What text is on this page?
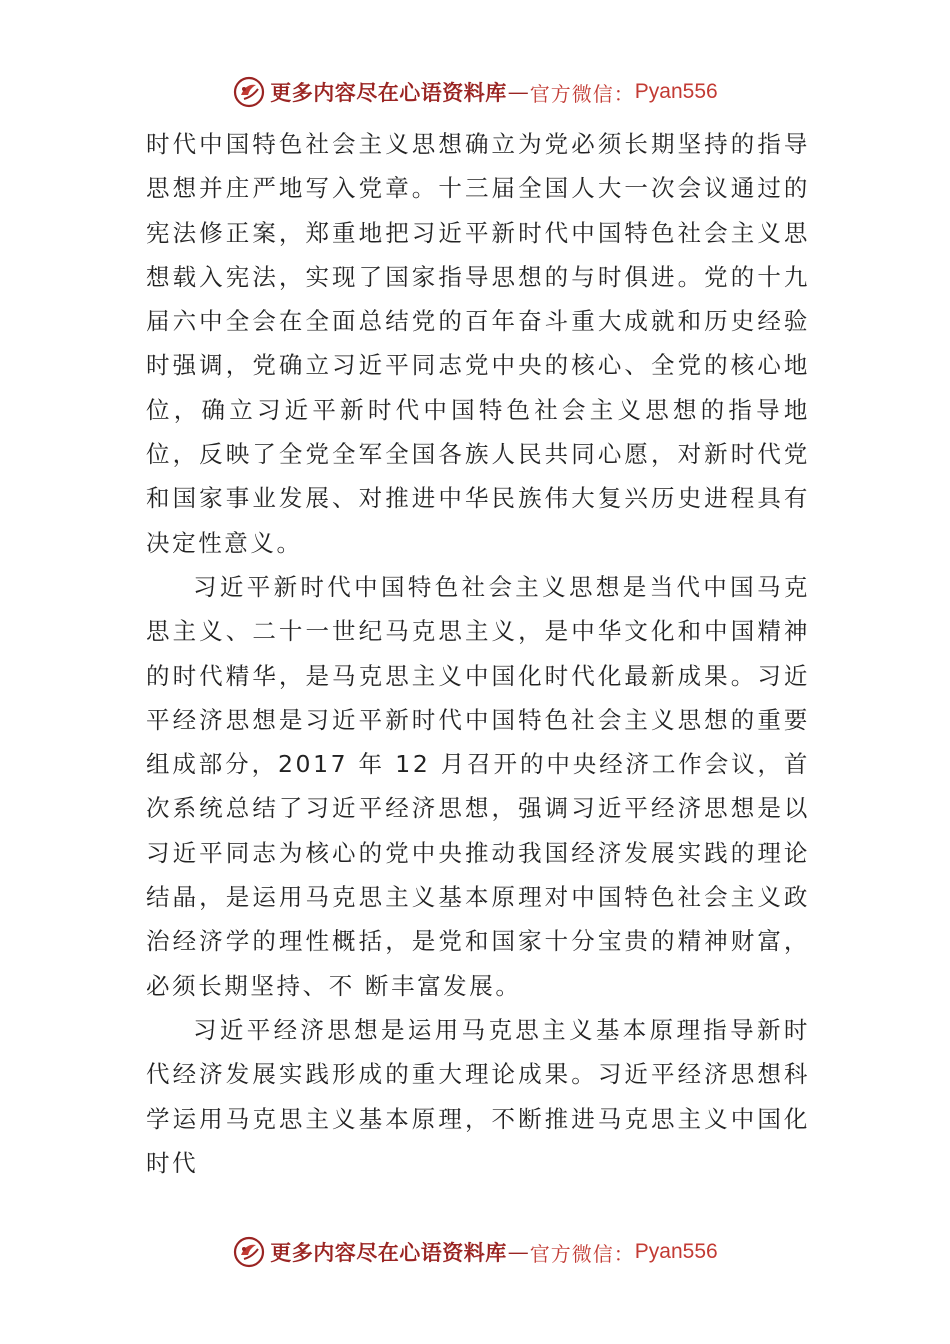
更多内容尽在心语资料库 — 官方微信： Pyan556

时代中国特色社会主义思想确立为党必须长期坚持的指导思想并庄严地写入党章。十三届全国人大一次会议通过的宪法修正案，郑重地把习近平新时代中国特色社会主义思想载入宪法，实现了国家指导思想的与时俱进。党的十九届六中全会在全面总结党的百年奋斗重大成就和历史经验时强调，党确立习近平同志党中央的核心、全党的核心地位，确立习近平新时代中国特色社会主义思想的指导地位，反映了全党全军全国各族人民共同心愿，对新时代党和国家事业发展、对推进中华民族伟大复兴历史进程具有决定性意义。

习近平新时代中国特色社会主义思想是当代中国马克思主义、二十一世纪马克思主义，是中华文化和中国精神的时代精华，是马克思主义中国化时代化最新成果。习近平经济思想是习近平新时代中国特色社会主义思想的重要组成部分，2017 年 12 月召开的中央经济工作会议，首次系统总结了习近平经济思想，强调习近平经济思想是以习近平同志为核心的党中央推动我国经济发展实践的理论结晶，是运用马克思主义基本原理对中国特色社会主义政治经济学的理性概括，是党和国家十分宝贵的精神财富，必须长期坚持、不 断丰富发展。

习近平经济思想是运用马克思主义基本原理指导新时代经济发展实践形成的重大理论成果。习近平经济思想科学运用马克思主义基本原理，不断推进马克思主义中国化时代

更多内容尽在心语资料库 — 官方微信： Pyan556
